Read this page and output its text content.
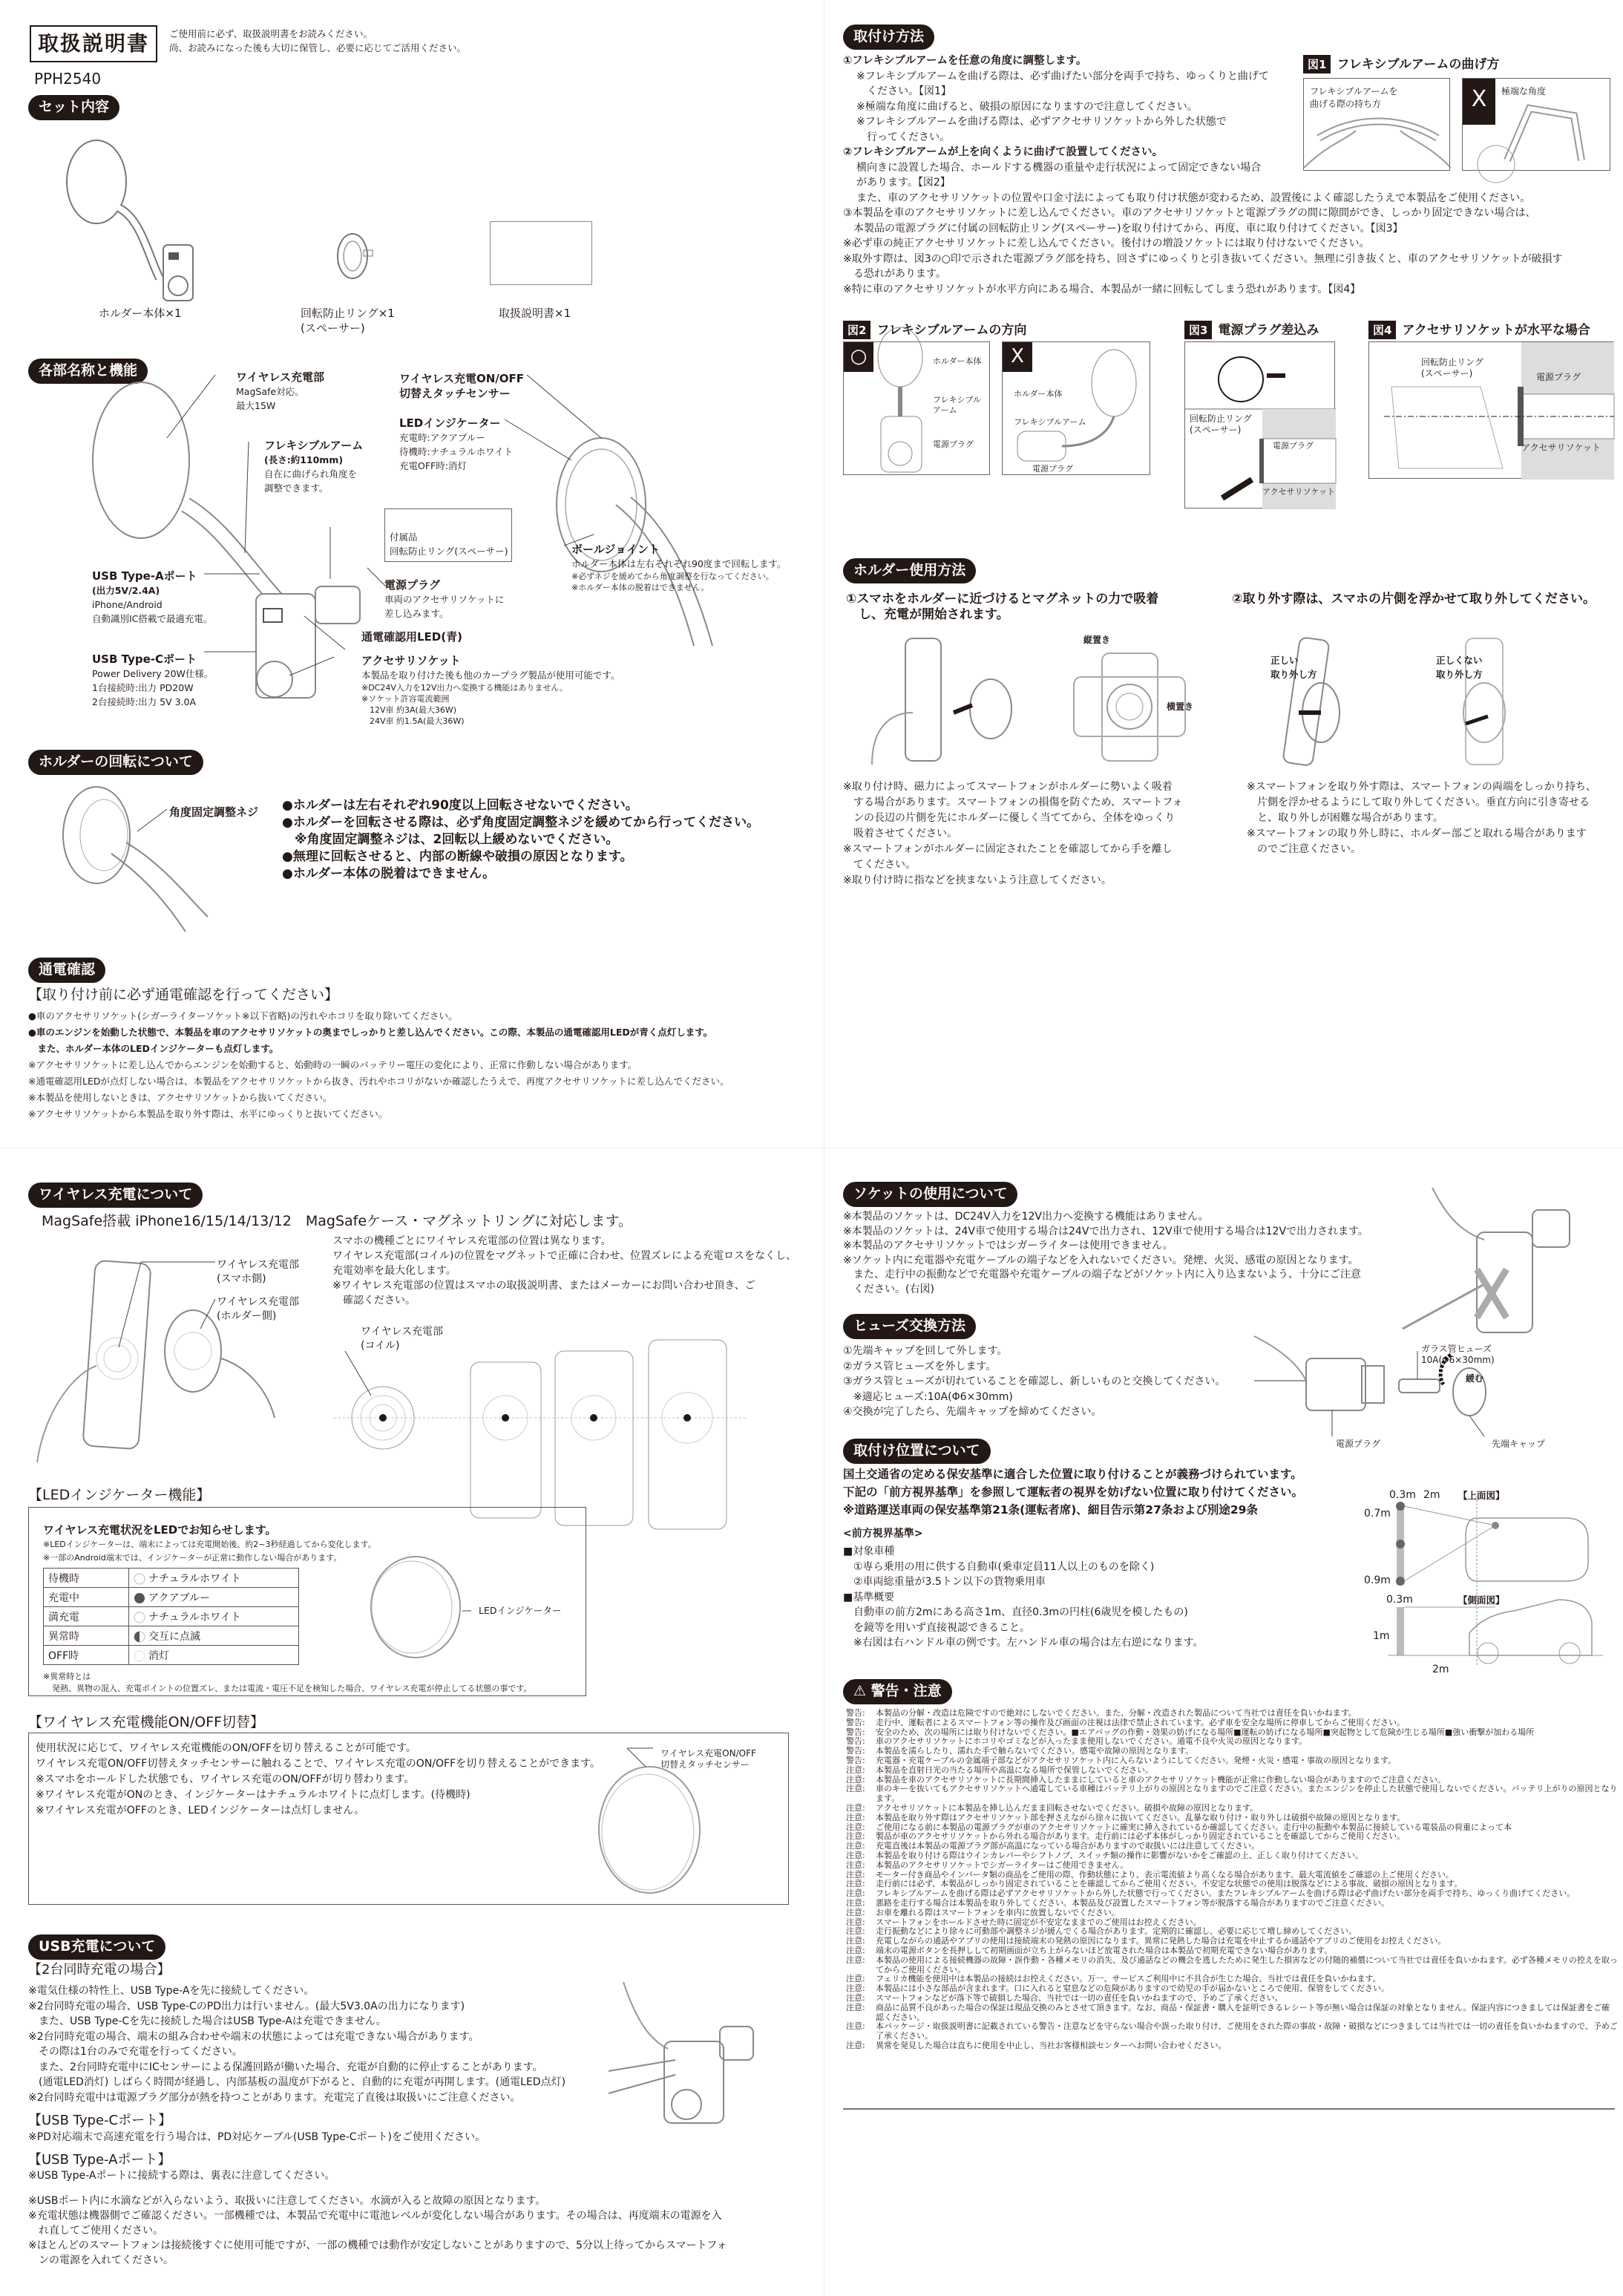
取扱説明書	ご使用前に必ず、取扱説明書をお読みください。
尚、お読みになった後も大切に保管し、必要に応じてご活用ください。
PPH2540
セット内容
ホルダー本体×1	回転防止リング×1
(スペーサー)
取扱説明書×1
各部名称と機能	ワイヤレス充電部
MagSafe対応。
最大15W
フレキシブルアーム
(長さ:約110mm)
自在に曲げられ角度を
調整できます。
ワイヤレス充電ON/OFF
切替えタッチセンサー
LEDインジケーター
充電時:アクアブルー
待機時:ナチュラルホワイト
充電OFF時:消灯
付属品
回転防止リング(スペーサー)	ボールジョイント
ホルダー本体は左右それぞれ90度まで回転します。
※必ずネジを緩めてから角度調整を行なってください。
※ホルダー本体の脱着はできません。
USB Type-Aポート
(出力5V/2.4A)
iPhone/Android
自動識別IC搭載で最適充電。
USB Type-Cポート
Power Delivery 20W仕様。
1台接続時:出力 PD20W
2台接続時:出力 5V 3.0A
電源プラグ
車両のアクセサリソケットに
差し込みます。
通電確認用LED(青)
アクセサリソケット
本製品を取り付けた後も他のカープラグ製品が使用可能です。
※DC24V入力を12V出力へ変換する機能はありません。
※ソケット許容電流範囲
　12V車 約3A(最大36W)
　24V車 約1.5A(最大36W)
ホルダーの回転について
角度固定調整ネジ ●ホルダーは左右それぞれ90度以上回転させないでください。
●ホルダーを回転させる際は、必ず角度固定調整ネジを緩めてから行ってください。
　※角度固定調整ネジは、2回転以上緩めないでください。
●無理に回転させると、内部の断線や破損の原因となります。
●ホルダー本体の脱着はできません。
通電確認
【取り付け前に必ず通電確認を行ってください】
●車のアクセサリソケット(シガーライターソケット※以下省略)の汚れやホコリを取り除いてください。
●車のエンジンを始動した状態で、本製品を車のアクセサリソケットの奥までしっかりと差し込んでください。この際、本製品の通電確認用LEDが青く点灯します。
　また、ホルダー本体のLEDインジケーターも点灯します。
※アクセサリソケットに差し込んでからエンジンを始動すると、始動時の一瞬のバッテリー電圧の変化により、正常に作動しない場合があります。
※通電確認用LEDが点灯しない場合は、本製品をアクセサリソケットから抜き、汚れやホコリがないか確認したうえで、再度アクセサリソケットに差し込んでください。
※本製品を使用しないときは、アクセサリソケットから抜いてください。
※アクセサリソケットから本製品を取り外す際は、水平にゆっくりと抜いてください。
ワイヤレス充電について
MagSafe搭載 iPhone16/15/14/13/12　MagSafeケース・マグネットリングに対応します。
ワイヤレス充電部
(スマホ側)
ワイヤレス充電部
(ホルダー側)
スマホの機種ごとにワイヤレス充電部の位置は異なります。
ワイヤレス充電部(コイル)の位置をマグネットで正確に合わせ、位置ズレによる充電ロスをなくし、
充電効率を最大化します。
※ワイヤレス充電部の位置はスマホの取扱説明書、またはメーカーにお問い合わせ頂き、ご
　確認ください。
ワイヤレス充電部
(コイル)
【LEDインジケーター機能】
ワイヤレス充電状況をLEDでお知らせします。
※LEDインジケーターは、端末によっては充電開始後、約2~3秒経過してから変化します。
※一部のAndroid端末では、インジケーターが正常に動作しない場合があります。
待機時	ナチュラルホワイト
充電中	アクアブルー
満充電	ナチュラルホワイト
異常時	交互に点滅
OFF時	消灯
※異常時とは
発熱、異物の混入、充電ポイントの位置ズレ、または電流・電圧不足を検知した場合、ワイヤレス充電が停止してる状態の事です。
LEDインジケーター
【ワイヤレス充電機能ON/OFF切替】
使用状況に応じて、ワイヤレス充電機能のON/OFFを切り替えることが可能です。
ワイヤレス充電ON/OFF切替えタッチセンサーに触れることで、ワイヤレス充電のON/OFFを切り替えることができます。
※スマホをホールドした状態でも、ワイヤレス充電のON/OFFが切り替わります。
※ワイヤレス充電がONのとき、インジケーターはナチュラルホワイトに点灯します。(待機時)
※ワイヤレス充電がOFFのとき、LEDインジケーターは点灯しません。
ワイヤレス充電ON/OFF
切替えタッチセンサー
USB充電について
【2台同時充電の場合】
※電気仕様の特性上、USB Type-Aを先に接続してください。
※2台同時充電の場合、USB Type-CのPD出力は行いません。(最大5V3.0Aの出力になります)
　また、USB Type-Cを先に接続した場合はUSB Type-Aは充電できません。
※2台同時充電の場合、端末の組み合わせや端末の状態によっては充電できない場合があります。
　その際は1台のみで充電を行ってください。
　また、2台同時充電中にICセンサーによる保護回路が働いた場合、充電が自動的に停止することがあります。
　(通電LED消灯) しばらく時間が経過し、内部基板の温度が下がると、自動的に充電が再開します。(通電LED点灯)
※2台同時充電中は電源プラグ部分が熱を持つことがあります。充電完了直後は取扱いにご注意ください。
【USB Type-Cポート】
※PD対応端末で高速充電を行う場合は、PD対応ケーブル(USB Type-Cポート)をご使用ください。
【USB Type-Aポート】
※USB Type-Aポートに接続する際は、裏表に注意してください。
※USBポート内に水滴などが入らないよう、取扱いに注意してください。水滴が入ると故障の原因となります。
※充電状態は機器側でご確認ください。一部機種では、本製品で充電中に電池レベルが変化しない場合があります。その場合は、再度端末の電源を入
　れ直してご使用ください。
※ほとんどのスマートフォンは接続後すぐに使用可能ですが、一部の機種では動作が安定しないことがありますので、5分以上待ってからスマートフォ
　ンの電源を入れてください。
取付け方法
①フレキシブルアームを任意の角度に調整します。
※フレキシブルアームを曲げる際は、必ず曲げたい部分を両手で持ち、ゆっくりと曲げて
　ください。【図1】
※極端な角度に曲げると、破損の原因になりますので注意してください。
※フレキシブルアームを曲げる際は、必ずアクセサリソケットから外した状態で
　行ってください。
②フレキシブルアームが上を向くように曲げて設置してください。
横向きに設置した場合、ホールドする機器の重量や走行状況によって固定できない場合
があります。【図2】
また、車のアクセサリソケットの位置や口金寸法によっても取り付け状態が変わるため、設置後によく確認したうえで本製品をご使用ください。
③本製品を車のアクセサリソケットに差し込んでください。車のアクセサリソケットと電源プラグの間に隙間ができ、しっかり固定できない場合は、
　本製品の電源プラグに付属の回転防止リング(スペーサー)を取り付けてから、再度、車に取り付けてください。【図3】
※必ず車の純正アクセサリソケットに差し込んでください。後付けの増設ソケットには取り付けないでください。
※取外す際は、図3の○印で示された電源プラグ部を持ち、回さずにゆっくりと引き抜いてください。無理に引き抜くと、車のアクセサリソケットが破損す
　る恐れがあります。
※特に車のアクセサリソケットが水平方向にある場合、本製品が一緒に回転してしまう恐れがあります。【図4】
図1 フレキシブルアームの曲げ方
フレキシブルアームを
曲げる際の持ち方	X	極端な角度
図2 フレキシブルアームの方向
○	ホルダー本体
フレキシブル
アーム
電源プラグ
X
ホルダー本体
フレキシブルアーム
電源プラグ
図3 電源プラグ差込み
回転防止リング
(スペーサー)
電源プラグ
アクセサリソケット
図4 アクセサリソケットが水平な場合
回転防止リング
(スペーサー)	電源プラグ
アクセサリソケット
ホルダー使用方法
①スマホをホルダーに近づけるとマグネットの力で吸着
　し、充電が開始されます。
②取り外す際は、スマホの片側を浮かせて取り外してください。
縦置き
横置き
正しい
取り外し方
正しくない
取り外し方
※取り付け時、磁力によってスマートフォンがホルダーに勢いよく吸着
　する場合があります。スマートフォンの損傷を防ぐため、スマートフォ
　ンの長辺の片側を先にホルダーに優しく当ててから、全体をゆっくり
　吸着させてください。
※スマートフォンがホルダーに固定されたことを確認してから手を離し
　てください。
※取り付け時に指などを挟まないよう注意してください。
※スマートフォンを取り外す際は、スマートフォンの両端をしっかり持ち、
　片側を浮かせるようにして取り外してください。垂直方向に引き寄せる
　と、取り外しが困難な場合があります。
※スマートフォンの取り外し時に、ホルダー部ごと取れる場合があります
　のでご注意ください。
ソケットの使用について
※本製品のソケットは、DC24V入力を12V出力へ変換する機能はありません。
※本製品のソケットは、24V車で使用する場合は24Vで出力され、12V車で使用する場合は12Vで出力されます。
※本製品のアクセサリソケットではシガーライターは使用できません。
※ソケット内に充電器や充電ケーブルの端子などを入れないでください。発煙、火災、感電の原因となります。
　また、走行中の振動などで充電器や充電ケーブルの端子などがソケット内に入り込まないよう、十分にご注意
　ください。(右図)
ヒューズ交換方法
①先端キャップを回して外します。
②ガラス管ヒューズを外します。
③ガラス管ヒューズが切れていることを確認し、新しいものと交換してください。
　※適応ヒューズ:10A(Φ6×30mm)
④交換が完了したら、先端キャップを締めてください。
ガラス管ヒューズ
10A(Φ6×30mm)
緩む
電源プラグ	先端キャップ
取付け位置について
国土交通省の定める保安基準に適合した位置に取り付けることが義務づけられています。
下記の「前方視界基準」を参照して運転者の視界を妨げない位置に取り付けてください。
※道路運送車両の保安基準第21条(運転者席)、細目告示第27条および別途29条
<前方視界基準>
■対象車種
　①専ら乗用の用に供する自動車(乗車定員11人以上のものを除く)
　②車両総重量が3.5トン以下の貨物乗用車
■基準概要
　自動車の前方2mにある高さ1m、直径0.3mの円柱(6歳児を模したもの)
　を鏡等を用いず直接視認できること。
　※右図は右ハンドル車の例です。左ハンドル車の場合は左右逆になります。
0.3m 2m 【上面図】
0.7m
0.9m
0.3m	【側面図】
1m
2m
⚠ 警告・注意
警告:	本製品の分解・改造は危険ですので絶対にしないでください。また、分解・改造された製品について当社では責任を負いかねます。
警告:	走行中、運転者によるスマートフォン等の操作及び画面の注視は法律で禁止されています。必ず車を安全な場所に停車してからご使用ください。
警告:	安全のため、次の場所には取り付けないでください。■エアバッグの作動・効果の妨げになる場所■運転の妨げになる場所■突起物として危険が生じる場所■強い衝撃が加わる場所
警告:	車のアクセサリソケットにホコリやゴミなどが入ったまま使用しないでください。通電不良や火災の原因となります。
警告:	本製品を濡らしたり、濡れた手で触らないでください。感電や故障の原因となります。
警告:	充電器・充電ケーブルの金属端子部などがアクセサリソケット内に入らないようにしてください。発煙・火災・感電・事故の原因となります。
注意:	本製品を直射日光の当たる場所や高温になる場所で保管しないでください。
注意:	本製品を車のアクセサリソケットに長期間挿入したままにしていると車のアクセサリソケット機能が正常に作動しない場合がありますのでご注意ください。
注意:	車のキーを抜いてもアクセサリソケットへ通電している車種はバッテリ上がりの原因となりますのでご注意ください。またエンジンを停止した状態で使用しないでください。バッテリ上がりの原因となります。
注意:	アクセサリソケットに本製品を挿し込んだまま回転させないでください。破損や故障の原因となります。
注意:	本製品を取り外す際はアクセサリソケット部を押さえながら徐々に抜いてください。乱暴な取り付け・取り外しは破損や故障の原因となります。
注意:	ご使用になる前に本製品の電源プラグが車のアクセサリソケットに確実に挿入されているか確認してください。走行中の振動や本製品に接続している電装品の荷重によって本
注意:	製品が車のアクセサリソケットから外れる場合があります。走行前には必ず本体がしっかり固定されていることを確認してからご使用ください。
注意:	充電直後は本製品の電源プラグ部が高温になっている場合がありますので取扱いには注意してください。
注意:	本製品を取り付ける際はウインカレバーやシフトノブ、スイッチ類の操作に影響がないかをご確認の上、正しく取り付けてください。
注意:	本製品のアクセサリソケットでシガーライターはご使用できません。
注意:	モーター付き商品やインバータ類の商品をご使用の際、作動状態により、表示電流値より高くなる場合があります。最大電流値をご確認の上ご使用ください。
注意:	走行前には必ず、本製品がしっかり固定されていることを確認してからご使用ください。不安定な状態での使用は脱落などによる事故、破損の原因となります。
注意:	フレキシブルアームを曲げる際は必ずアクセサリソケットから外した状態で行ってください。またフレキシブルアームを曲げる際は必ず曲げたい部分を両手で持ち、ゆっくり曲げてください。
注意:	悪路を走行する場合は本製品を取り外してください。本製品及び設置したスマートフォン等が脱落する場合がありますのでご注意ください。
注意:	お車を離れる際はスマートフォンを車内に放置しないでください。
注意:	スマートフォンをホールドさせた時に固定が不安定なままでのご使用はお控えください。
注意:	走行振動などにより徐々に可動部や調整ネジが緩んでくる場合があります。定期的に確認し、必要に応じて増し締めしてください。
注意:	充電しながらの通話やアプリの使用は接続端末の発熱の原因になります。異常に発熱した場合は充電を中止するか通話やアプリのご使用をお控えください。
注意:	端末の電源ボタンを長押しして初期画面が立ち上がらないほど放電された場合は本製品で初期充電できない場合があります。
注意:	本製品の使用による接続機器の故障・誤作動・各種メモリの消失、及び通話などの機会を逃したために発生した損害などの付随的補償について当社では責任を負いかねます。必ず各種メモリの控えを取ってからご使用ください。
注意:	フェリカ機能を使用中は本製品の接続はお控えください。万一、サービスご利用中に不具合が生じた場合、当社では責任を負いかねます。
注意:	本製品には小さな部品が含まれます。口に入れると窒息などの危険がありますので幼児の手が届かないところで使用、保管をしてください。
注意:	スマートフォンなどが落下等で破損した場合、当社では一切の責任を負いかねますので、予めご了承ください。
注意:	商品に品質不良があった場合の保証は現品交換のみとさせて頂きます。なお、商品・保証書・購入を証明できるレシート等が無い場合は保証の対象となりません。保証内容につきましては保証書をご確認ください。
注意:	本パッケージ・取扱説明書に記載されている警告・注意などを守らない場合や誤った取り付け、ご使用をされた際の事故・故障・破損などにつきましては当社では一切の責任を負いかねますので、予めご了承ください。
注意:	異常を発見した場合は直ちに使用を中止し、当社お客様相談センターへお問い合わせください。
